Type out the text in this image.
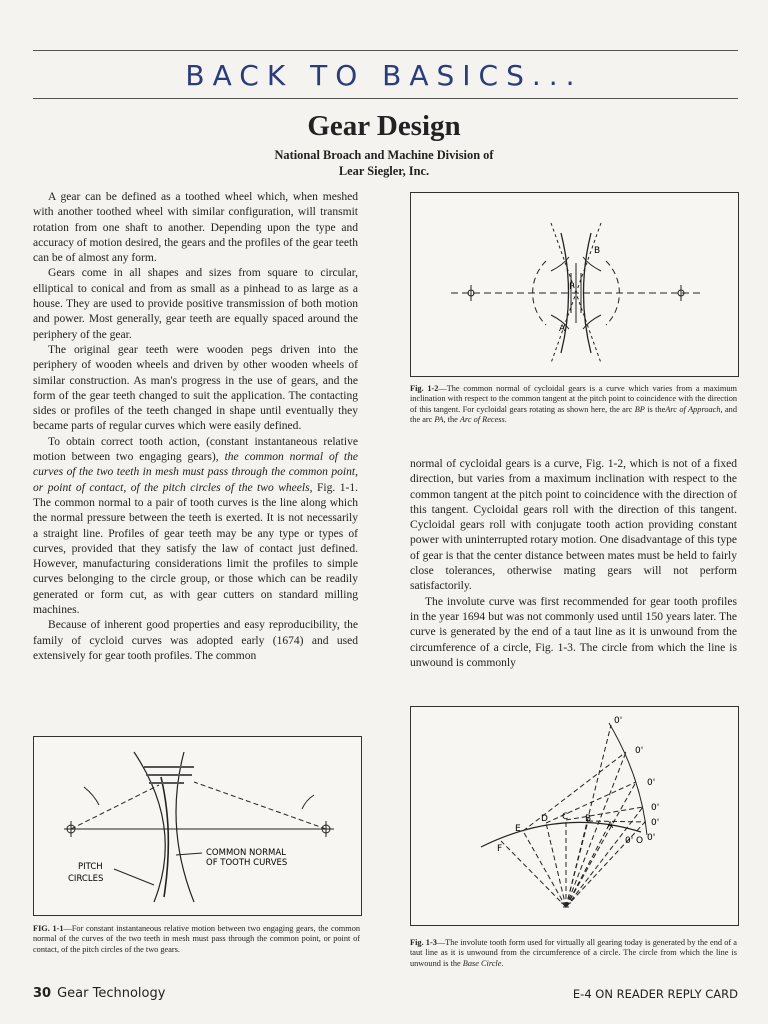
BACK TO BASICS...
Gear Design
National Broach and Machine Division of
Lear Siegler, Inc.

A gear can be defined as a toothed wheel which, when meshed with another toothed wheel with similar configuration, will transmit rotation from one shaft to another. Depending upon the type and accuracy of motion desired, the gears and the profiles of the gear teeth can be of almost any form.

Gears come in all shapes and sizes from square to circular, elliptical to conical and from as small as a pinhead to as large as a house. They are used to provide positive transmission of both motion and power. Most generally, gear teeth are equally spaced around the periphery of the gear.

The original gear teeth were wooden pegs driven into the periphery of wooden wheels and driven by other wooden wheels of similar construction. As man's progress in the use of gears, and the form of the gear teeth changed to suit the application. The contacting sides or profiles of the teeth changed in shape until eventually they became parts of regular curves which were easily defined.

To obtain correct tooth action, (constant instantaneous relative motion between two engaging gears), the common normal of the curves of the two teeth in mesh must pass through the common point, or point of contact, of the pitch circles of the two wheels, Fig. 1-1. The common normal to a pair of tooth curves is the line along which the normal pressure between the teeth is exerted. It is not necessarily a straight line. Profiles of gear teeth may be any type or types of curves, provided that they satisfy the law of contact just defined. However, manufacturing considerations limit the profiles to simple curves belonging to the circle group, or those which can be readily generated or form cut, as with gear cutters on standard milling machines.

Because of inherent good properties and easy reproducibility, the family of cycloid curves was adopted early (1674) and used extensively for gear tooth profiles. The common

B
P
A
Fig. 1-2—The common normal of cycloidal gears is a curve which varies from a maximum inclination with respect to the common tangent at the pitch point to coincidence with the direction of this tangent. For cycloidal gears rotating as shown here, the arc BP is theArc of Approach, and the arc PA, the Arc of Recess.

normal of cycloidal gears is a curve, Fig. 1-2, which is not of a fixed direction, but varies from a maximum inclination with respect to the common tangent at the pitch point to coincidence with the direction of this tangent. Cycloidal gears roll with the direction of this tangent. Cycloidal gears roll with conjugate tooth action providing constant power with uninterrupted rotary motion. One disadvantage of this type of gear is that the center distance between mates must be held to fairly close tolerances, otherwise mating gears will not perform satisfactorily.

The involute curve was first recommended for gear tooth profiles in the year 1694 but was not commonly used until 150 years later. The curve is generated by the end of a taut line as it is unwound from the circumference of a circle, Fig. 1-3. The circle from which the line is unwound is commonly

COMMON NORMAL
OF TOOTH CURVES
PITCH
CIRCLES
FIG. 1-1—For constant instantaneous relative motion between two engaging gears, the common normal of the curves of the two teeth in mesh must pass through the common point, or point of contact, of the pitch circles of the two gears.
0'
0'
0'
0'
0'
0'
0'
E
D C B
A
F
O
Fig. 1-3—The involute tooth form used for virtually all gearing today is generated by the end of a taut line as it is unwound from the circumference of a circle. The circle from which the line is unwound is the Base Circle.
30 Gear Technology	E-4 ON READER REPLY CARD
